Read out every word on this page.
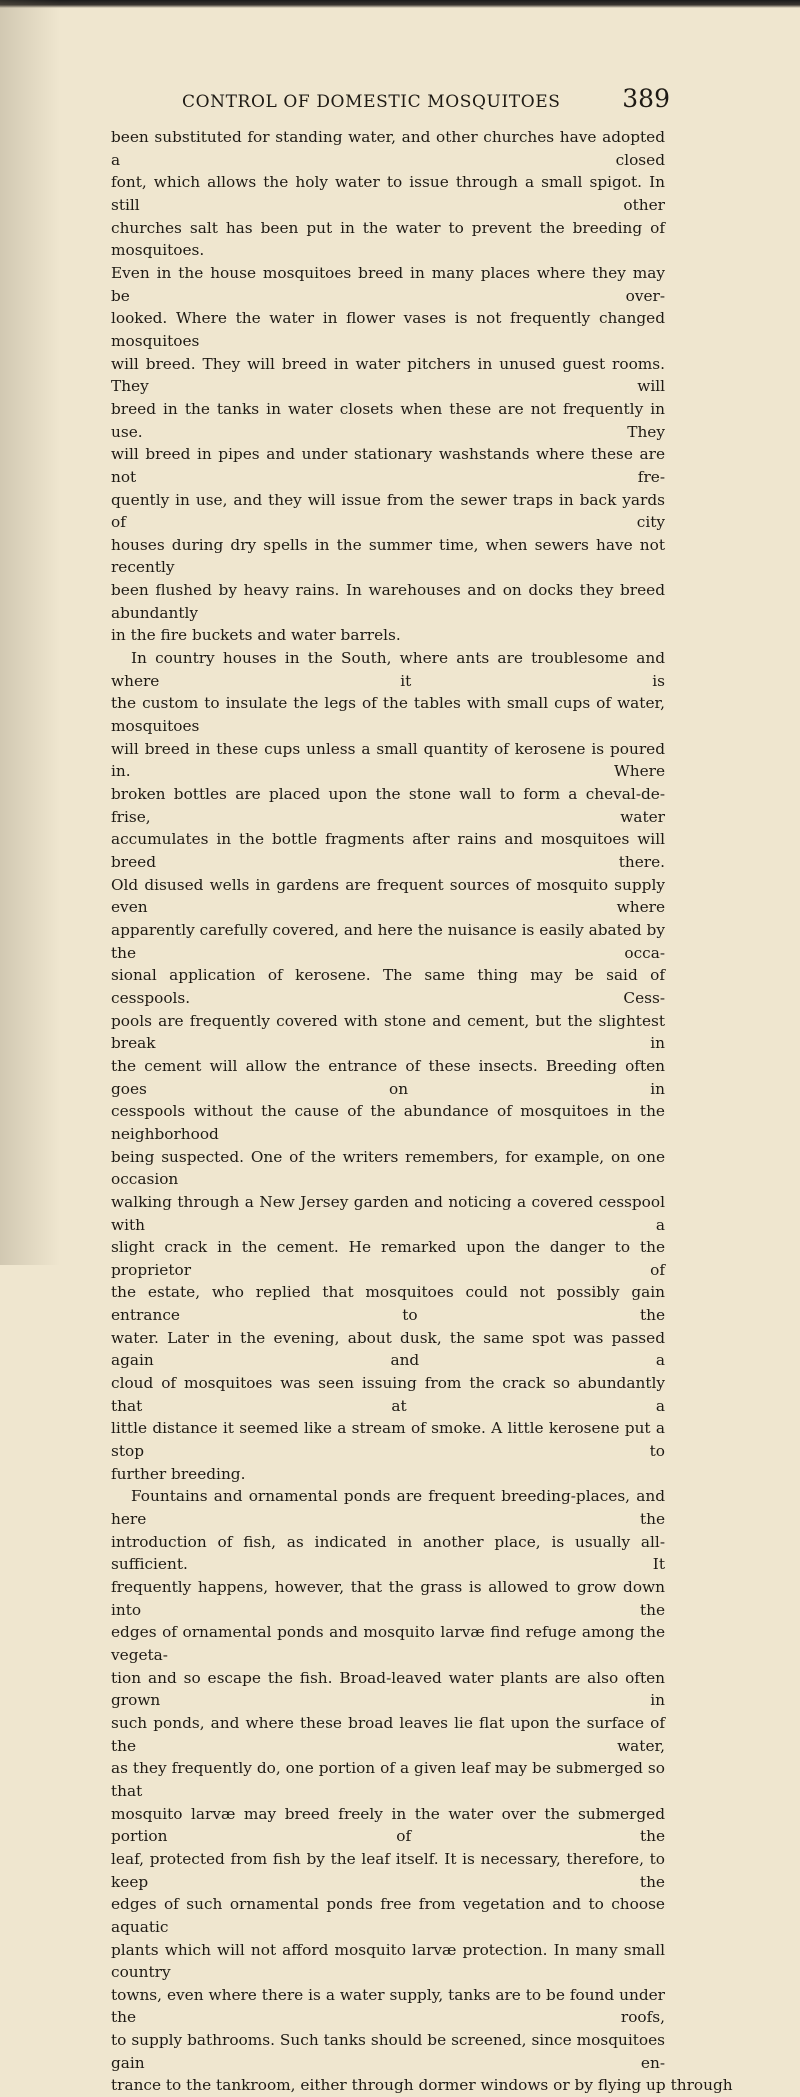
CONTROL OF DOMESTIC MOSQUITOES 389
been substituted for standing water, and other churches have adopted a closed
font, which allows the holy water to issue through a small spigot. In still other
churches salt has been put in the water to prevent the breeding of mosquitoes.
Even in the house mosquitoes breed in many places where they may be over-
looked. Where the water in flower vases is not frequently changed mosquitoes
will breed. They will breed in water pitchers in unused guest rooms. They will
breed in the tanks in water closets when these are not frequently in use. They
will breed in pipes and under stationary washstands where these are not fre-
quently in use, and they will issue from the sewer traps in back yards of city
houses during dry spells in the summer time, when sewers have not recently
been flushed by heavy rains. In warehouses and on docks they breed abundantly
in the fire buckets and water barrels.
In country houses in the South, where ants are troublesome and where it is
the custom to insulate the legs of the tables with small cups of water, mosquitoes
will breed in these cups unless a small quantity of kerosene is poured in. Where
broken bottles are placed upon the stone wall to form a cheval-de-frise, water
accumulates in the bottle fragments after rains and mosquitoes will breed there.
Old disused wells in gardens are frequent sources of mosquito supply even where
apparently carefully covered, and here the nuisance is easily abated by the occa-
sional application of kerosene. The same thing may be said of cesspools. Cess-
pools are frequently covered with stone and cement, but the slightest break in
the cement will allow the entrance of these insects. Breeding often goes on in
cesspools without the cause of the abundance of mosquitoes in the neighborhood
being suspected. One of the writers remembers, for example, on one occasion
walking through a New Jersey garden and noticing a covered cesspool with a
slight crack in the cement. He remarked upon the danger to the proprietor of
the estate, who replied that mosquitoes could not possibly gain entrance to the
water. Later in the evening, about dusk, the same spot was passed again and a
cloud of mosquitoes was seen issuing from the crack so abundantly that at a
little distance it seemed like a stream of smoke. A little kerosene put a stop to
further breeding.
Fountains and ornamental ponds are frequent breeding-places, and here the
introduction of fish, as indicated in another place, is usually all-sufficient. It
frequently happens, however, that the grass is allowed to grow down into the
edges of ornamental ponds and mosquito larvæ find refuge among the vegeta-
tion and so escape the fish. Broad-leaved water plants are also often grown in
such ponds, and where these broad leaves lie flat upon the surface of the water,
as they frequently do, one portion of a given leaf may be submerged so that
mosquito larvæ may breed freely in the water over the submerged portion of the
leaf, protected from fish by the leaf itself. It is necessary, therefore, to keep the
edges of such ornamental ponds free from vegetation and to choose aquatic
plants which will not afford mosquito larvæ protection. In many small country
towns, even where there is a water supply, tanks are to be found under the roofs,
to supply bathrooms. Such tanks should be screened, since mosquitoes gain en-
trance to the tankroom, either through dormer windows or by flying up through
